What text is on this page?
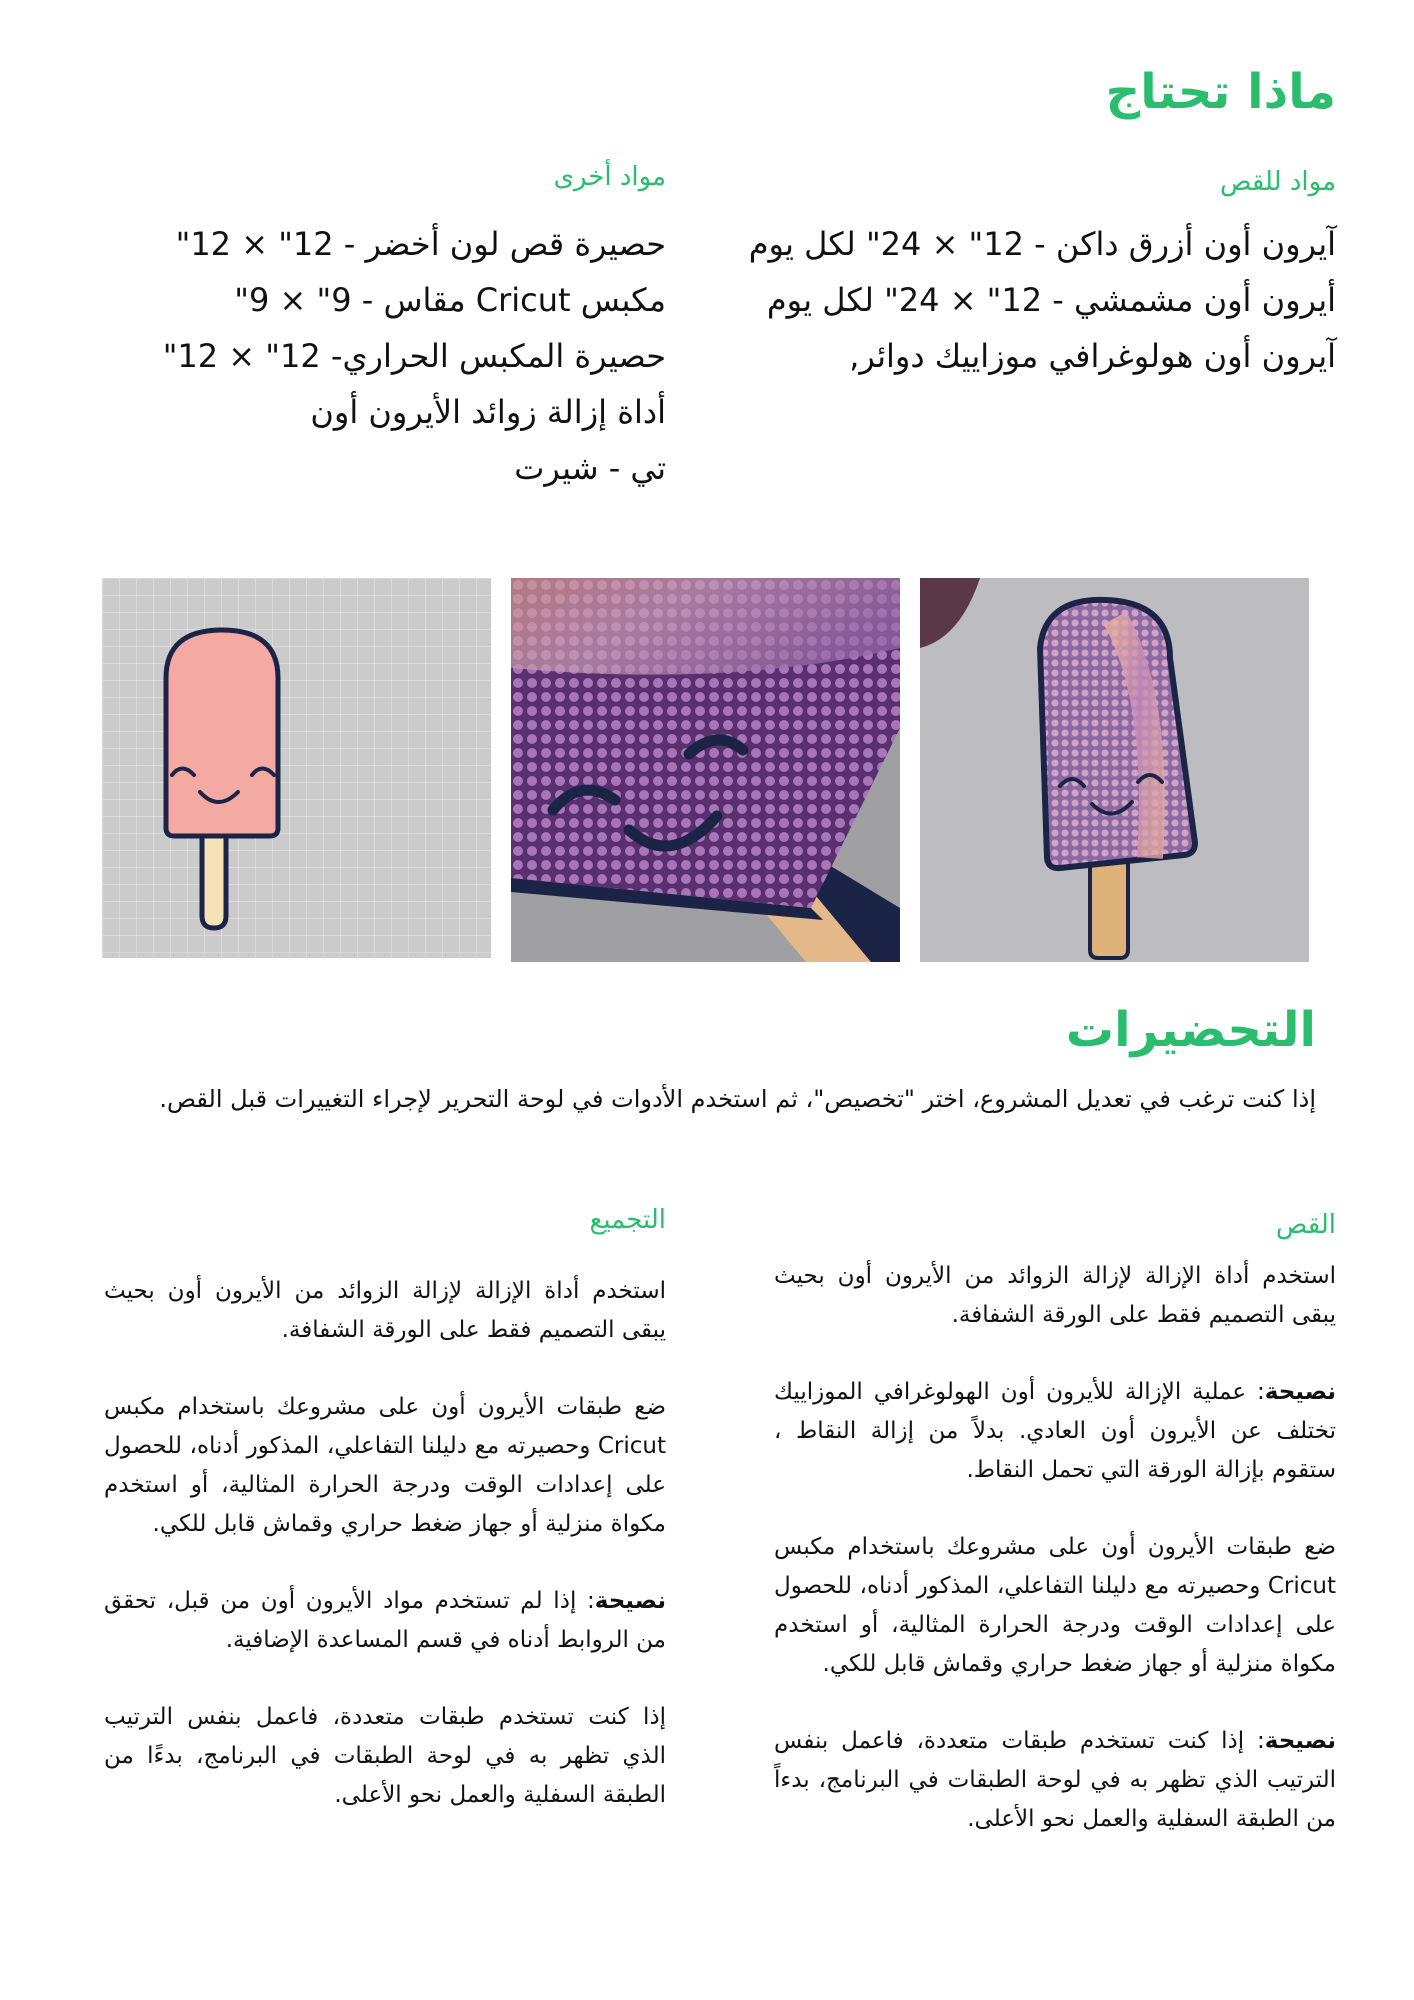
ماذا تحتاج
مواد للقص
آيرون أون أزرق داكن - 12" × 24" لكل يوم
أيرون أون مشمشي - 12" × 24" لكل يوم
آيرون أون هولوغرافي موزاييك دوائر,
مواد أخرى
حصيرة قص لون أخضر - 12" × 12"
مكبس Cricut مقاس - 9" × 9"
حصيرة المكبس الحراري- 12" × 12"
أداة إزالة زوائد الأيرون أون
تي - شيرت
التحضيرات
إذا كنت ترغب في تعديل المشروع، اختر "تخصيص"، ثم استخدم الأدوات في لوحة التحرير لإجراء التغييرات قبل القص.
القص

استخدم أداة الإزالة لإزالة الزوائد من الأيرون أون بحيث يبقى التصميم فقط على الورقة الشفافة.

نصيحة: عملية الإزالة للأيرون أون الهولوغرافي الموزاييك تختلف عن الأيرون أون العادي. بدلاً من إزالة النقاط ، ستقوم بإزالة الورقة التي تحمل النقاط.

ضع طبقات الأيرون أون على مشروعك باستخدام مكبس Cricut وحصيرته مع دليلنا التفاعلي، المذكور أدناه، للحصول على إعدادات الوقت ودرجة الحرارة المثالية، أو استخدم مكواة منزلية أو جهاز ضغط حراري وقماش قابل للكي.

نصيحة: إذا كنت تستخدم طبقات متعددة، فاعمل بنفس الترتيب الذي تظهر به في لوحة الطبقات في البرنامج، بدءاً من الطبقة السفلية والعمل نحو الأعلى.

التجميع

استخدم أداة الإزالة لإزالة الزوائد من الأيرون أون بحيث يبقى التصميم فقط على الورقة الشفافة.

ضع طبقات الأيرون أون على مشروعك باستخدام مكبس Cricut وحصيرته مع دليلنا التفاعلي، المذكور أدناه، للحصول على إعدادات الوقت ودرجة الحرارة المثالية، أو استخدم مكواة منزلية أو جهاز ضغط حراري وقماش قابل للكي.

نصيحة: إذا لم تستخدم مواد الأيرون أون من قبل، تحقق من الروابط أدناه في قسم المساعدة الإضافية.

إذا كنت تستخدم طبقات متعددة، فاعمل بنفس الترتيب الذي تظهر به في لوحة الطبقات في البرنامج، بدءًا من الطبقة السفلية والعمل نحو الأعلى.
